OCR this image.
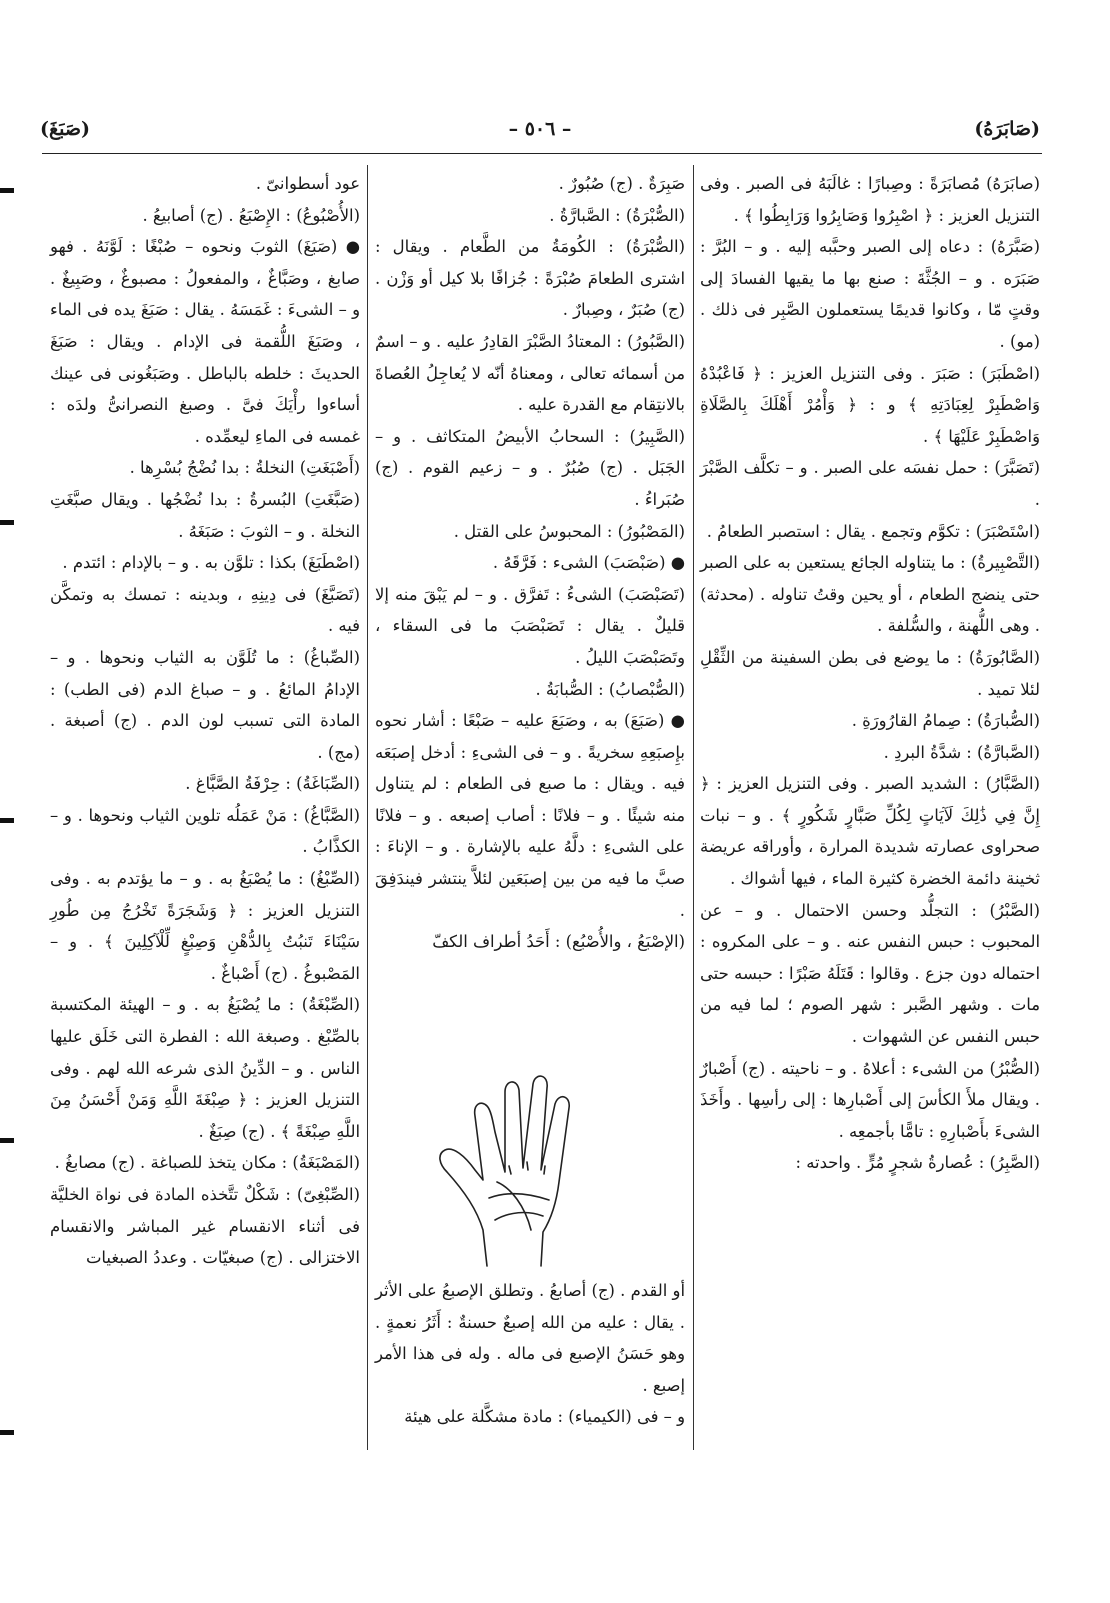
(صَابَرَهُ)
– ٥٠٦ –
(صَبَغَ)

(صابَرَهُ) مُصابَرَةً : وصِبارًا : غالَبَهُ فى الصبر . وفى التنزيل العزيز : ﴿ اصْبِرُوا وَصَابِرُوا وَرَابِطُوا ﴾ .

(صَبَّرَهُ) : دعاه إلى الصبر وحبَّبه إليه . و – البُرَّ : صَبَرَه . و – الجُثَّةَ : صنع بها ما يقيها الفسادَ إلى وقتٍ مّا ، وكانوا قديمًا يستعملون الصَّبِر فى ذلك . (مو) .

(اصْطَبَرَ) : صَبَرَ . وفى التنزيل العزيز : ﴿ فَاعْبُدْهُ وَاصْطَبِرْ لِعِبَادَتِهِ ﴾ و : ﴿ وَأْمُرْ أَهْلَكَ بِالصَّلَاةِ وَاصْطَبِرْ عَلَيْهَا ﴾ .

(تَصَبَّرَ) : حمل نفسَه على الصبر . و – تكلَّف الصَّبْرَ .

(اسْتَصْبَرَ) : تكوَّم وتجمع . يقال : استصبر الطعامُ .

(التَّصْبِيرةُ) : ما يتناوله الجائع يستعين به على الصبر حتى ينضج الطعام ، أو يحين وقتُ تناوله . (محدثة) . وهى اللُّهنة ، والسُّلفة .

(الصَّابُورَةُ) : ما يوضع فى بطن السفينة من الثِّقْلِ لئلا تميد .

(الصُّبارَةُ) : صِمامُ القارُورَةِ .

(الصَّبارَّةُ) : شدَّةُ البردِ .

(الصَّبَّارُ) : الشديد الصبر . وفى التنزيل العزيز : ﴿ إِنَّ فِي ذَٰلِكَ لَآيَاتٍ لِكُلِّ صَبَّارٍ شَكُورٍ ﴾ . و – نبات صحراوى عصارته شديدة المرارة ، وأوراقه عريضة ثخينة دائمة الخضرة كثيرة الماء ، فيها أشواك .

(الصَّبْرُ) : التجلُّد وحسن الاحتمال . و – عن المحبوب : حبس النفس عنه . و – على المكروه : احتماله دون جزع . وقالوا : قَتَلَهُ صَبْرًا : حبسه حتى مات . وشهر الصَّبر : شهر الصوم ؛ لما فيه من حبس النفس عن الشهوات .

(الصُّبْرُ) من الشىء : أعلاهُ . و – ناحيته . (ج) أَصْبارٌ . ويقال ملأَ الكأسَ إلى أَصْبارِها : إلى رأسِها . وأَخَذَ الشىءَ بأَصْبارِهِ : تامًّا بأجمعِه .

(الصَّبِرُ) : عُصارةُ شجرٍ مُرٍّ . واحدته :

صَبِرَةٌ . (ج) صُبُورٌ .

(الصُّبْرَةُ) : الصَّبارَّةُ .

(الصُّبْرَةُ) : الكُومَةُ من الطَّعام . ويقال : اشترى الطعامَ صُبْرَةً : جُزافًا بلا كيل أو وَزْن . (ج) صُبَرٌ ، وصِبارٌ .

(الصَّبُورُ) : المعتادُ الصَّبْرَ القادِرُ عليه . و – اسمٌ من أسمائه تعالى ، ومعناهُ أنّه لا يُعاجِلُ العُصاةَ بالانتِقام مع القدرة عليه .

(الصَّبِيرُ) : السحابُ الأبيضُ المتكاثف . و – الجَبَل . (ج) صُبُرٌ . و – زعيم القوم . (ج) صُبَراءُ .

(المَصْبُورُ) : المحبوسُ على القتل .

● (صَبْصَبَ) الشىء : فَرَّقَهُ .

(تَصَبْصَبَ) الشىءُ : تَفرَّق . و – لم يَبْقَ منه إلا قليلٌ . يقال : تَصَبْصَبَ ما فى السقاء ، وتَصَبْصَبَ الليلُ .

(الصُّبْصابُ) : الصُّبابَةُ .

● (صَبَعَ) به ، وصَبَعَ عليه – صَبْعًا : أشار نحوه بإِصبَعِهِ سخريةً . و – فى الشىءِ : أدخل إصبَعَه فيه . ويقال : ما صبع فى الطعام : لم يتناول منه شيئًا . و – فلانًا : أصاب إصبعه . و – فلانًا على الشىءِ : دلَّهُ عليه بالإشارة . و – الإناءَ : صبَّ ما فيه من بين إصبَعَين لئلاَّ ينتشر فيندَفِقَ .

(الإصْبَعُ ، والأُصْبُع) : أَحَدُ أطراف الكفّ

أو القدم . (ج) أصابعُ . وتطلق الإصبعُ على الأثر . يقال : عليه من الله إصبعٌ حسنةٌ : أَثَرُ نعمةٍ . وهو حَسَنُ الإصبع فى ماله . وله فى هذا الأمر إصبع .

و – فى (الكيمياء) : مادة مشكَّلة على هيئة

عود أسطوانىّ .

(الأُصْبُوعُ) : الإِصْبَعُ . (ج) أصابيعُ .

● (صَبَغَ) الثوبَ ونحوه – صُبْغًا : لَوَّنَهُ . فهو صابغ ، وصَبَّاغٌ ، والمفعولُ : مصبوغٌ ، وصَبِيغٌ . و – الشىءَ : غَمَسَهُ . يقال : صَبَغَ يده فى الماء ، وصَبَغَ اللُّقمة فى الإدام . ويقال : صَبَغَ الحديثَ : خلطه بالباطل . وصَبَغُونى فى عينك أساءوا رأْيَكَ فىَّ . وصبغ النصرانىُّ ولدَه : غمسه فى الماءِ ليعمِّده .

(أَصْبَغَتِ) النخلةُ : بدا نُضْجُ بُسْرِها .

(صَبَّغَتِ) البُسرةُ : بدا نُضْجُها . ويقال صبَّغَتِ النخلة . و – الثوبَ : صَبَغَهُ .

(اصْطَبَغَ) بكذا : تلوَّن به . و – بالإدام : ائتدم .

(تَصَبَّغَ) فى دِينِهِ ، وبدينه : تمسك به وتمكَّن فيه .

(الصِّباغُ) : ما تُلَوَّن به الثياب ونحوها . و – الإدامُ المائعُ . و – صباغ الدم (فى الطب) : المادة التى تسبب لون الدم . (ج) أصبغة . (مج) .

(الصِّبَاغَةُ) : حِرْفَةُ الصَّبَّاغ .

(الصَّبَّاغُ) : مَنْ عَمَلُه تلوين الثياب ونحوها . و – الكذَّابُ .

(الصِّبْغُ) : ما يُصْبَغُ به . و – ما يؤتدم به . وفى التنزيل العزيز : ﴿ وَشَجَرَةً تَخْرُجُ مِن طُورِ سَيْنَاءَ تَنبُتُ بِالدُّهْنِ وَصِبْغٍ لِّلْآكِلِينَ ﴾ . و – المَصْبوغُ . (ج) أَصْباغٌ .

(الصِّبْغَةُ) : ما يُصْبَغُ به . و – الهيئة المكتسبة بالصِّبْغ . وصبغة الله : الفطرة التى خَلَق عليها الناس . و – الدِّينُ الذى شرعه الله لهم . وفى التنزيل العزيز : ﴿ صِبْغَةَ اللَّهِ وَمَنْ أَحْسَنُ مِنَ اللَّهِ صِبْغَةً ﴾ . (ج) صِبَغٌ .

(المَصْبَغَةُ) : مكان يتخذ للصباغة . (ج) مصابغُ .

(الصِّبْغِىّ) : شَكْلٌ تتَّخذه المادة فى نواة الخليَّة فى أثناء الانقسام غير المباشر والانقسام الاختزالى . (ج) صبغيّات . وعددُ الصبغيات
